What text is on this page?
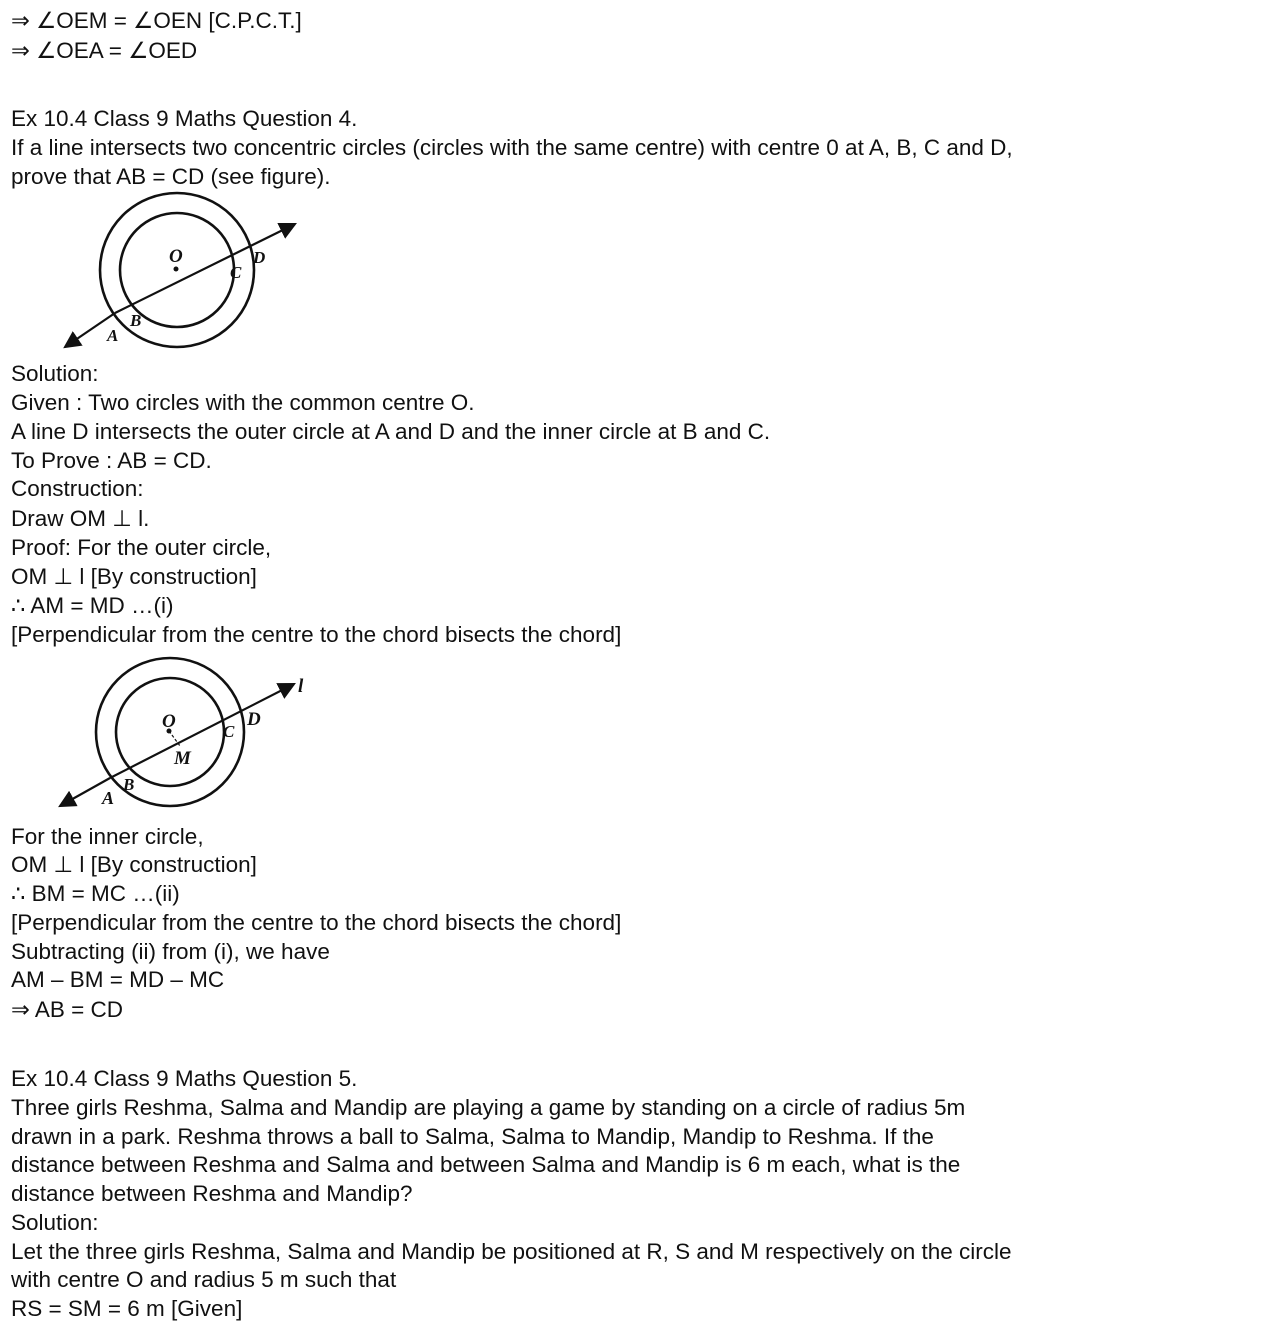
⇒ ∠OEM = ∠OEN [C.P.C.T.]

⇒ ∠OEA = ∠OED

Ex 10.4 Class 9 Maths Question 4.

If a line intersects two concentric circles (circles with the same centre) with centre 0 at A, B, C and D,

prove that AB = CD (see figure).

O
A
B
C
D

Solution:

Given : Two circles with the common centre O.

A line D intersects the outer circle at A and D and the inner circle at B and C.

To Prove : AB = CD.

Construction:

Draw OM ⊥ l.

Proof: For the outer circle,

OM ⊥ l [By construction]

∴ AM = MD …(i)

[Perpendicular from the centre to the chord bisects the chord]

O
M
A
B
C
D
l

For the inner circle,

OM ⊥ l [By construction]

∴ BM = MC …(ii)

[Perpendicular from the centre to the chord bisects the chord]

Subtracting (ii) from (i), we have

AM – BM = MD – MC

⇒ AB = CD

Ex 10.4 Class 9 Maths Question 5.

Three girls Reshma, Salma and Mandip are playing a game by standing on a circle of radius 5m

drawn in a park. Reshma throws a ball to Salma, Salma to Mandip, Mandip to Reshma. If the

distance between Reshma and Salma and between Salma and Mandip is 6 m each, what is the

distance between Reshma and Mandip?

Solution:

Let the three girls Reshma, Salma and Mandip be positioned at R, S and M respectively on the circle

with centre O and radius 5 m such that

RS = SM = 6 m [Given]
